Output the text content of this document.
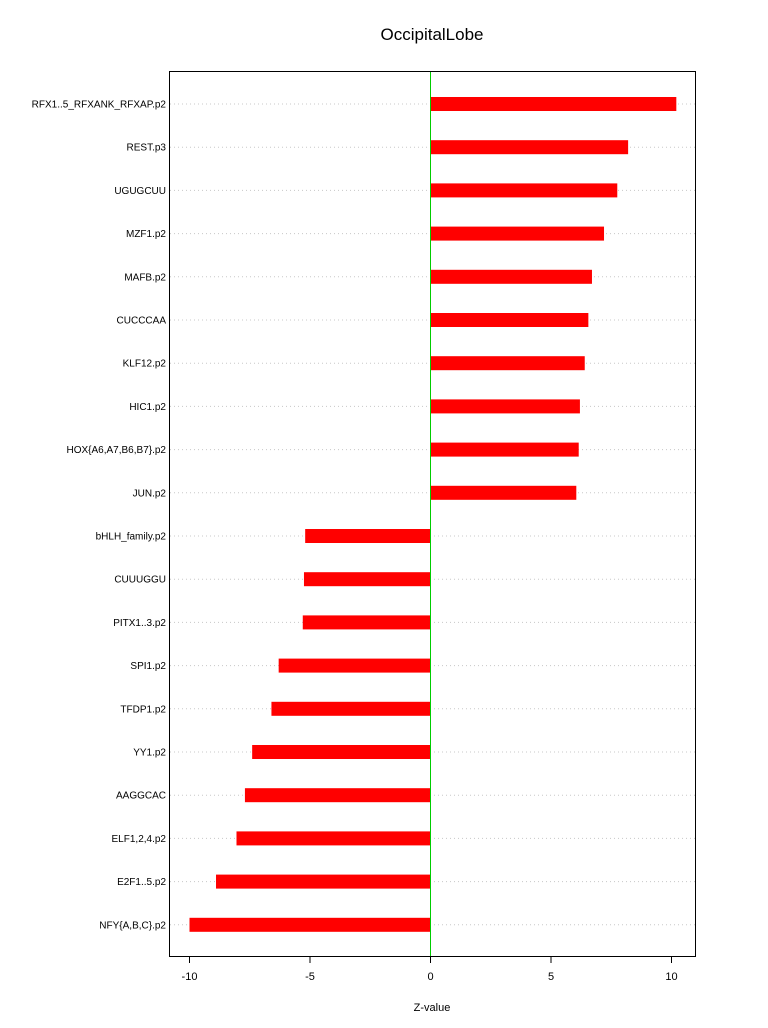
OccipitalLobe
RFX1..5_RFXANK_RFXAP.p2
REST.p3
UGUGCUU
MZF1.p2
MAFB.p2
CUCCCAA
KLF12.p2
HIC1.p2
HOX{A6,A7,B6,B7}.p2
JUN.p2
bHLH_family.p2
CUUUGGU
PITX1..3.p2
SPI1.p2
TFDP1.p2
YY1.p2
AAGGCAC
ELF1,2,4.p2
E2F1..5.p2
NFY{A,B,C}.p2
-10	-5	0	5	10
Z-value
